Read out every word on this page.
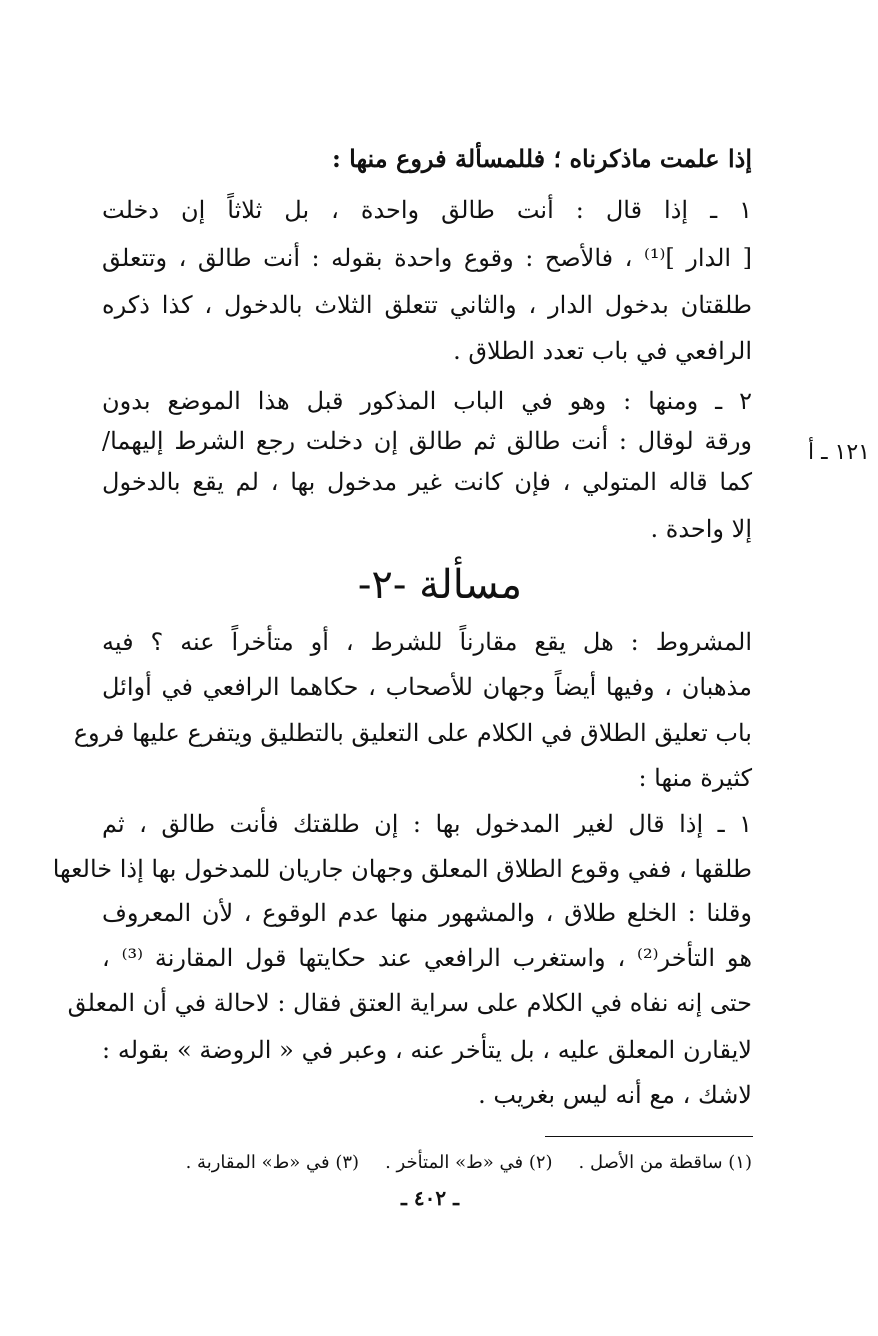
إذا علمت ماذكرناه ؛ فللمسألة فروع منها :
١ ـ إذا قال : أنت طالق واحدة ، بل ثلاثاً إن دخلت
[ الدار ]⁽¹⁾ ، فالأصح : وقوع واحدة بقوله : أنت طالق ، وتتعلق
طلقتان بدخول الدار ، والثاني تتعلق الثلاث بالدخول ، كذا ذكره
الرافعي في باب تعدد الطلاق .
٢ ـ ومنها : وهو في الباب المذكور قبل هذا الموضع بدون
ورقة لوقال : أنت طالق ثم طالق إن دخلت رجع الشرط إليهما/
كما قاله المتولي ، فإن كانت غير مدخول بها ، لم يقع بالدخول
إلا واحدة .
١٢١ ـ أ
مسألة -٢-
المشروط : هل يقع مقارناً للشرط ، أو متأخراً عنه ؟ فيه
مذهبان ، وفيها أيضاً وجهان للأصحاب ، حكاهما الرافعي في أوائل
باب تعليق الطلاق في الكلام على التعليق بالتطليق ويتفرع عليها فروع
كثيرة منها :
١ ـ إذا قال لغير المدخول بها : إن طلقتك فأنت طالق ، ثم
طلقها ، ففي وقوع الطلاق المعلق وجهان جاريان للمدخول بها إذا خالعها
وقلنا : الخلع طلاق ، والمشهور منها عدم الوقوع ، لأن المعروف
هو التأخر⁽²⁾ ، واستغرب الرافعي عند حكايتها قول المقارنة ⁽³⁾ ،
حتى إنه نفاه في الكلام على سراية العتق فقال : لاحالة في أن المعلق
لايقارن المعلق عليه ، بل يتأخر عنه ، وعبر في « الروضة » بقوله :
لاشك ، مع أنه ليس بغريب .
(١) ساقطة من الأصل .
(٢) في «ط» المتأخر .
(٣) في «ط» المقاربة .
ـ ٤٠٢ ـ
